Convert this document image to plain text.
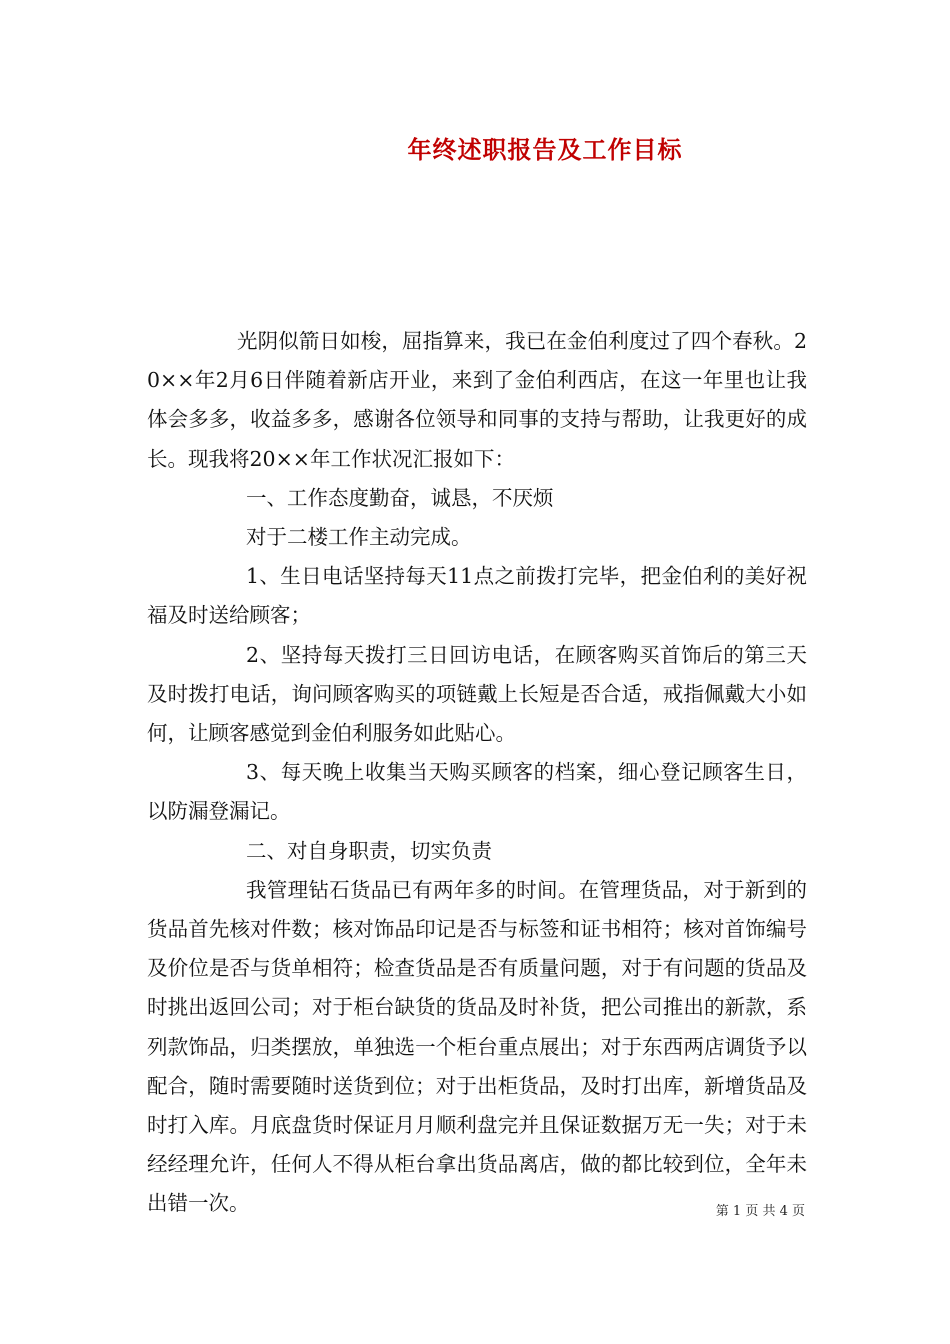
年终述职报告及工作目标

光阴似箭日如梭，屈指算来，我已在金伯利度过了四个春秋。20××年2月6日伴随着新店开业，来到了金伯利西店，在这一年里也让我体会多多，收益多多，感谢各位领导和同事的支持与帮助，让我更好的成长。现我将20××年工作状况汇报如下：

一、工作态度勤奋，诚恳，不厌烦

对于二楼工作主动完成。

1、生日电话坚持每天11点之前拨打完毕，把金伯利的美好祝福及时送给顾客；

2、坚持每天拨打三日回访电话，在顾客购买首饰后的第三天及时拨打电话，询问顾客购买的项链戴上长短是否合适，戒指佩戴大小如何，让顾客感觉到金伯利服务如此贴心。

3、每天晚上收集当天购买顾客的档案，细心登记顾客生日，以防漏登漏记。

二、对自身职责，切实负责

我管理钻石货品已有两年多的时间。在管理货品，对于新到的货品首先核对件数；核对饰品印记是否与标签和证书相符；核对首饰编号及价位是否与货单相符；检查货品是否有质量问题，对于有问题的货品及时挑出返回公司；对于柜台缺货的货品及时补货，把公司推出的新款，系列款饰品，归类摆放，单独选一个柜台重点展出；对于东西两店调货予以配合，随时需要随时送货到位；对于出柜货品，及时打出库，新增货品及时打入库。月底盘货时保证月月顺利盘完并且保证数据万无一失；对于未经经理允许，任何人不得从柜台拿出货品离店，做的都比较到位，全年未出错一次。	第 1 页 共 4 页
